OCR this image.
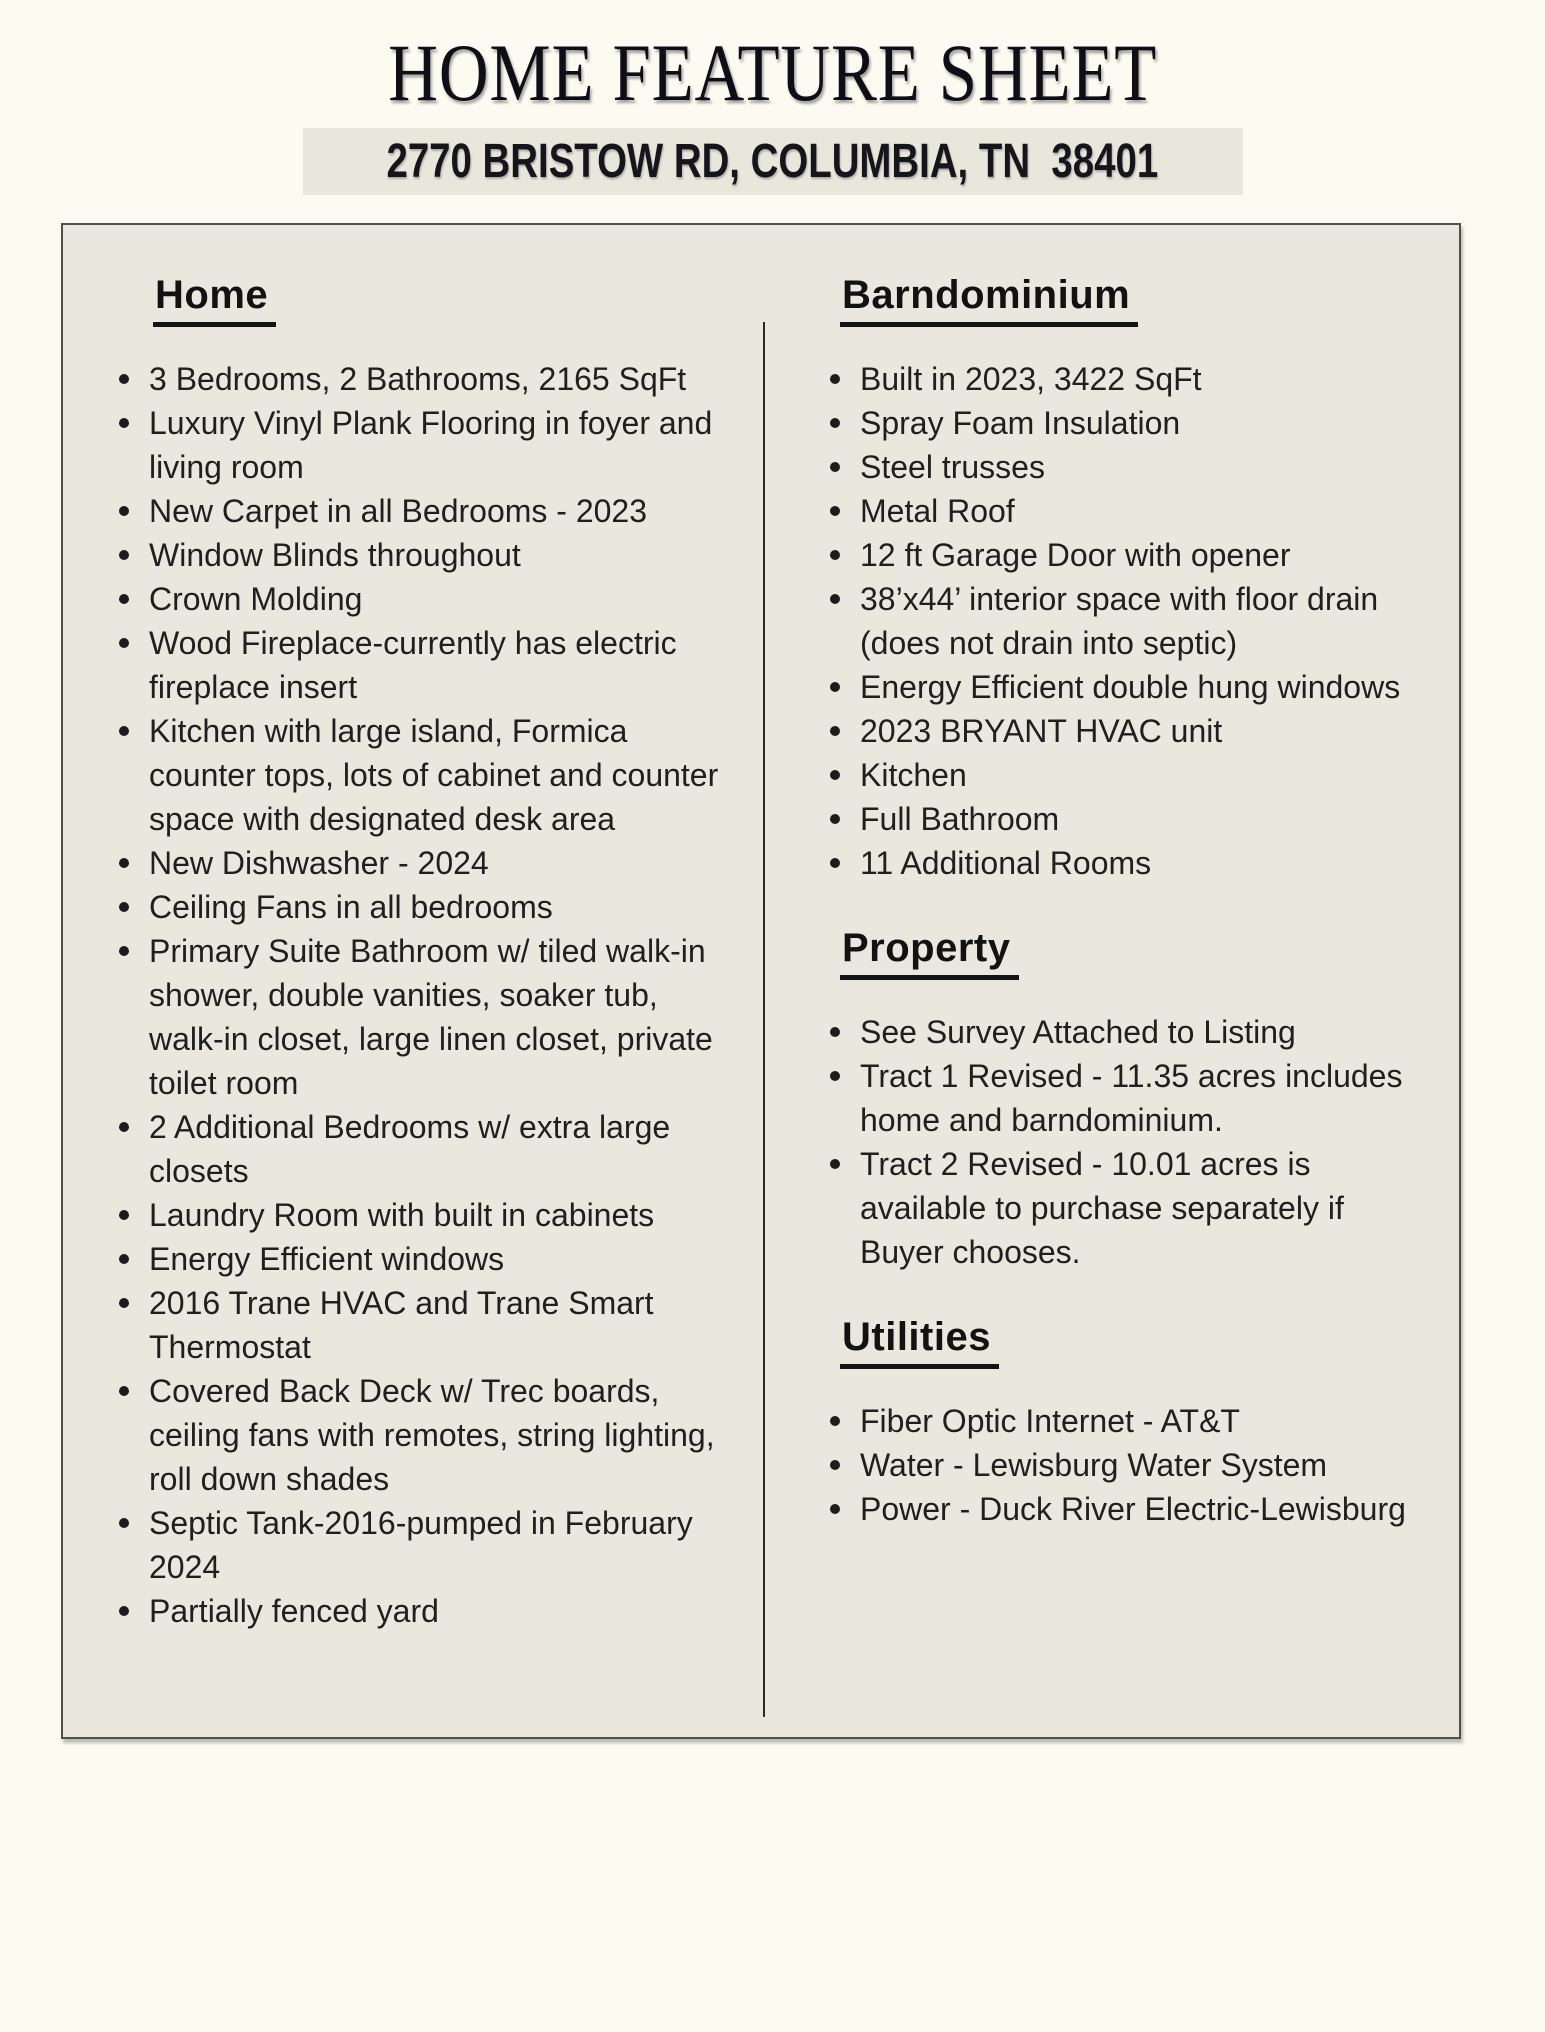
HOME FEATURE SHEET
2770 BRISTOW RD, COLUMBIA, TN  38401
Home
3 Bedrooms, 2 Bathrooms, 2165 SqFt
Luxury Vinyl Plank Flooring in foyer and living room
New Carpet in all Bedrooms - 2023
Window Blinds throughout
Crown Molding
Wood Fireplace-currently has electric fireplace insert
Kitchen with large island, Formica counter tops, lots of cabinet and counter space with designated desk area
New Dishwasher - 2024
Ceiling Fans in all bedrooms
Primary Suite Bathroom w/ tiled walk-in shower, double vanities, soaker tub, walk-in closet, large linen closet, private toilet room
2 Additional Bedrooms w/ extra large closets
Laundry Room with built in cabinets
Energy Efficient windows
2016 Trane HVAC and Trane Smart Thermostat
Covered Back Deck w/ Trec boards, ceiling fans with remotes, string lighting, roll down shades
Septic Tank-2016-pumped in February 2024
Partially fenced yard
Barndominium
Built in 2023, 3422 SqFt
Spray Foam Insulation
Steel trusses
Metal Roof
12 ft Garage Door with opener
38’x44’ interior space with floor drain (does not drain into septic)
Energy Efficient double hung windows
2023 BRYANT HVAC unit
Kitchen
Full Bathroom
11 Additional Rooms
Property
See Survey Attached to Listing
Tract 1 Revised - 11.35 acres includes home and barndominium.
Tract 2 Revised - 10.01 acres is available to purchase separately if Buyer chooses.
Utilities
Fiber Optic Internet - AT&T
Water - Lewisburg Water System
Power - Duck River Electric-Lewisburg
